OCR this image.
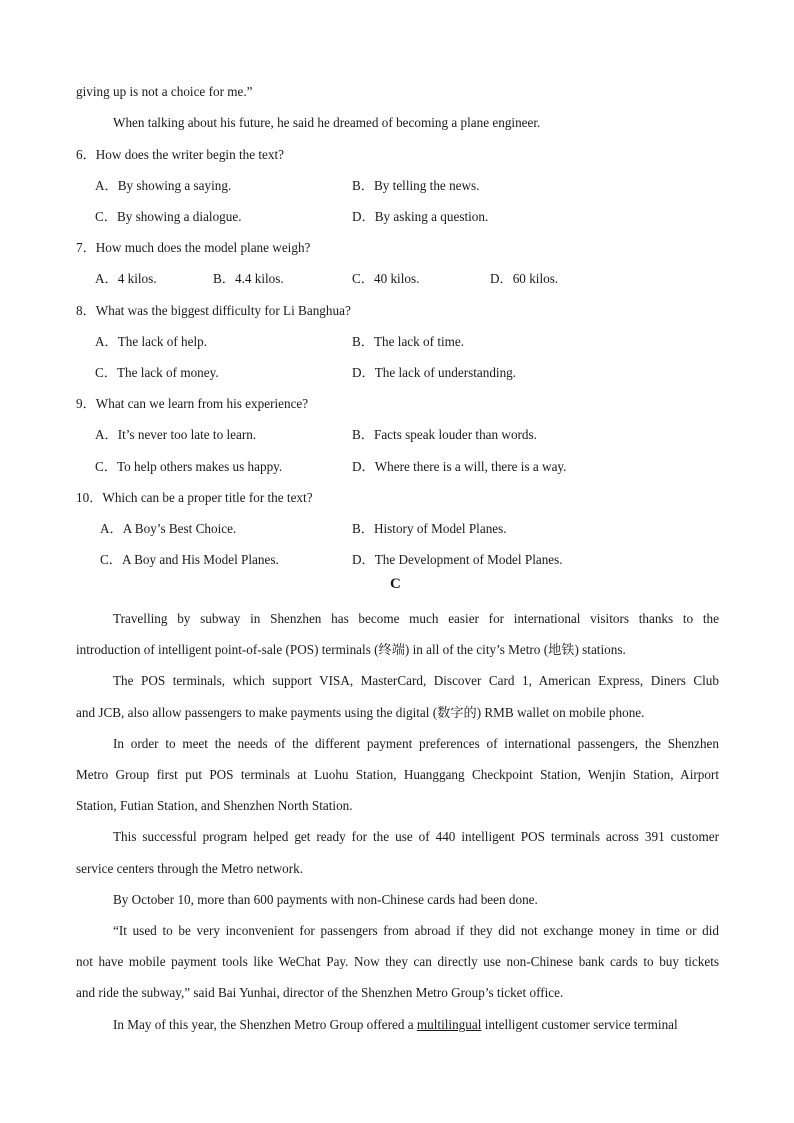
giving up is not a choice for me.”
When talking about his future, he said he dreamed of becoming a plane engineer.
6．How does the writer begin the text?
A．By showing a saying.	B．By telling the news.
C．By showing a dialogue.	D．By asking a question.
7．How much does the model plane weigh?
A．4 kilos.	B．4.4 kilos.	C．40 kilos.	D．60 kilos.
8．What was the biggest difficulty for Li Banghua?
A．The lack of help.	B．The lack of time.
C．The lack of money.	D．The lack of understanding.
9．What can we learn from his experience?
A．It’s never too late to learn.	B．Facts speak louder than words.
C．To help others makes us happy.	D．Where there is a will, there is a way.
10．Which can be a proper title for the text?
A．A Boy’s Best Choice.	B．History of Model Planes.
C．A Boy and His Model Planes.	D．The Development of Model Planes.
C
Travelling by subway in Shenzhen has become much easier for international visitors thanks to the
introduction of intelligent point-of-sale (POS) terminals (终端) in all of the city’s Metro (地铁) stations.
The POS terminals, which support VISA, MasterCard, Discover Card 1, American Express, Diners Club
and JCB, also allow passengers to make payments using the digital (数字的) RMB wallet on mobile phone.
In order to meet the needs of the different payment preferences of international passengers, the Shenzhen
Metro Group first put POS terminals at Luohu Station, Huanggang Checkpoint Station, Wenjin Station, Airport
Station, Futian Station, and Shenzhen North Station.
This successful program helped get ready for the use of 440 intelligent POS terminals across 391 customer
service centers through the Metro network.
By October 10, more than 600 payments with non-Chinese cards had been done.
“It used to be very inconvenient for passengers from abroad if they did not exchange money in time or did
not have mobile payment tools like WeChat Pay. Now they can directly use non-Chinese bank cards to buy tickets
and ride the subway,” said Bai Yunhai, director of the Shenzhen Metro Group’s ticket office.
In May of this year, the Shenzhen Metro Group offered a multilingual intelligent customer service terminal
